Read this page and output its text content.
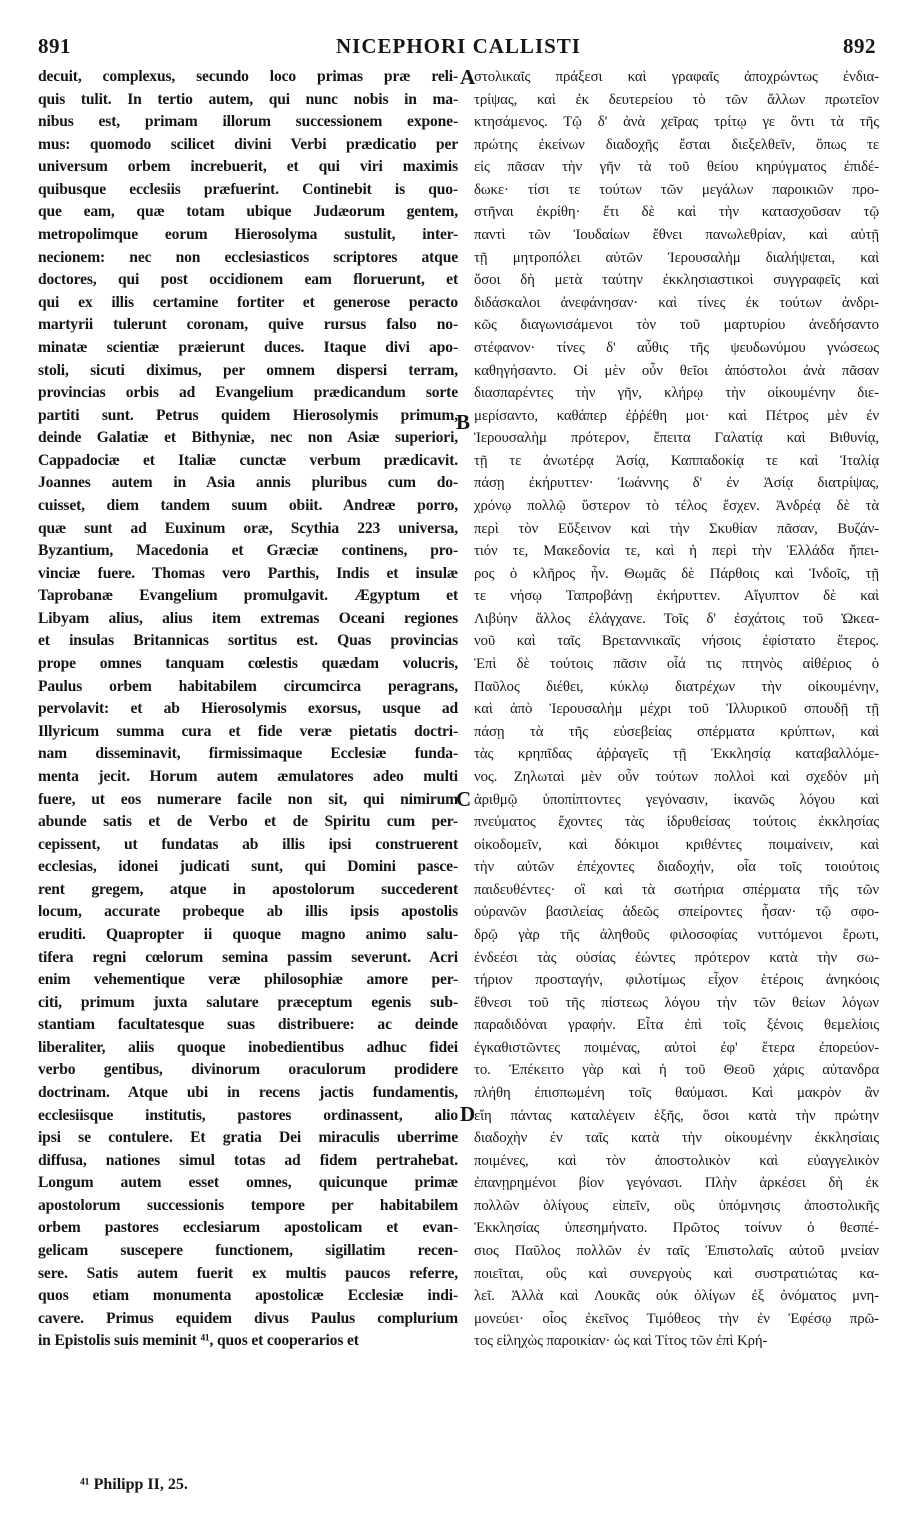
891	NICEPHORI CALLISTI	892
decuit, complexus, secundo loco primas præ reli-
quis tulit. In tertio autem, qui nunc nobis in ma-
nibus est, primam illorum successionem expone-
mus: quomodo scilicet divini Verbi prædicatio per
universum orbem increbuerit, et qui viri maximis
quibusque ecclesiis præfuerint. Continebit is quo-
que eam, quæ totam ubique Judæorum gentem,
metropolimque eorum Hierosolyma sustulit, inter-
necionem: nec non ecclesiasticos scriptores atque
doctores, qui post occidionem eam floruerunt, et
qui ex illis certamine fortiter et generose peracto
martyrii tulerunt coronam, quive rursus falso no-
minatæ scientiæ præierunt duces. Itaque divi apo-
stoli, sicuti diximus, per omnem dispersi terram,
provincias orbis ad Evangelium prædicandum sorte
partiti sunt. Petrus quidem Hierosolymis primum,
deinde Galatiæ et Bithyniæ, nec non Asiæ superiori,
Cappadociæ et Italiæ cunctæ verbum prædicavit.
Joannes autem in Asia annis pluribus cum do-
cuisset, diem tandem suum obiit. Andreæ porro,
quæ sunt ad Euxinum oræ, Scythia 223 universa,
Byzantium, Macedonia et Græciæ continens, pro-
vinciæ fuere. Thomas vero Parthis, Indis et insulæ
Taprobanæ Evangelium promulgavit. Ægyptum et
Libyam alius, alius item extremas Oceani regiones
et insulas Britannicas sortitus est. Quas provincias
prope omnes tanquam cœlestis quædam volucris,
Paulus orbem habitabilem circumcirca peragrans,
pervolavit: et ab Hierosolymis exorsus, usque ad
Illyricum summa cura et fide veræ pietatis doctri-
nam disseminavit, firmissimaque Ecclesiæ funda-
menta jecit. Horum autem æmulatores adeo multi
fuere, ut eos numerare facile non sit, qui nimirum
abunde satis et de Verbo et de Spiritu cum per-
cepissent, ut fundatas ab illis ipsi construerent
ecclesias, idonei judicati sunt, qui Domini pasce-
rent gregem, atque in apostolorum succederent
locum, accurate probeque ab illis ipsis apostolis
eruditi. Quapropter ii quoque magno animo salu-
tifera regni cœlorum semina passim severunt. Acri
enim vehementique veræ philosophiæ amore per-
citi, primum juxta salutare præceptum egenis sub-
stantiam facultatesque suas distribuere: ac deinde
liberaliter, aliis quoque inobedientibus adhuc fidei
verbo gentibus, divinorum oraculorum prodidere
doctrinam. Atque ubi in recens jactis fundamentis,
ecclesiisque institutis, pastores ordinassent, alio
ipsi se contulere. Et gratia Dei miraculis uberrime
diffusa, nationes simul totas ad fidem pertrahebat.
Longum autem esset omnes, quicunque primæ
apostolorum successionis tempore per habitabilem
orbem pastores ecclesiarum apostolicam et evan-
gelicam suscepere functionem, sigillatim recen-
sere. Satis autem fuerit ex multis paucos referre,
quos etiam monumenta apostolicæ Ecclesiæ indi-
cavere. Primus equidem divus Paulus complurium
in Epistolis suis meminit ⁴¹, quos et cooperarios et
στολικαῖς πράξεσι καὶ γραφαῖς ἀποχρώντως ἐνδια-
τρίψας, καὶ ἐκ δευτερείου τὸ τῶν ἄλλων πρωτεῖον
κτησάμενος. Τῷ δ' ἀνὰ χεῖρας τρίτῳ γε ὄντι τὰ τῆς
πρώτης ἐκείνων διαδοχῆς ἔσται διεξελθεῖν, ὅπως τε
εἰς πᾶσαν τὴν γῆν τὰ τοῦ θείου κηρύγματος ἐπιδέ-
δωκε· τίσι τε τούτων τῶν μεγάλων παροικιῶν προ-
στῆναι ἐκρίθη· ἔτι δὲ καὶ τὴν κατασχοῦσαν τῷ
παντὶ τῶν Ἰουδαίων ἔθνει πανωλεθρίαν, καὶ αὐτῇ
τῇ μητροπόλει αὐτῶν Ἱερουσαλὴμ διαλήψεται, καὶ
ὅσοι δὴ μετὰ ταύτην ἐκκλησιαστικοὶ συγγραφεῖς καὶ
διδάσκαλοι ἀνεφάνησαν· καὶ τίνες ἐκ τούτων ἀνδρι-
κῶς διαγωνισάμενοι τὸν τοῦ μαρτυρίου ἀνεδήσαντο
στέφανον· τίνες δ' αὖθις τῆς ψευδωνύμου γνώσεως
καθηγήσαντο. Οἱ μὲν οὖν θεῖοι ἀπόστολοι ἀνὰ πᾶσαν
διασπαρέντες τὴν γῆν, κλήρῳ τὴν οἰκουμένην διε-
μερίσαντο, καθάπερ ἐῤῥέθη μοι· καὶ Πέτρος μὲν ἐν
Ἱερουσαλὴμ πρότερον, ἔπειτα Γαλατίᾳ καὶ Βιθυνίᾳ,
τῇ τε ἀνωτέρᾳ Ἀσίᾳ, Καππαδοκίᾳ τε καὶ Ἰταλίᾳ
πάσῃ ἐκήρυττεν· Ἰωάννης δ' ἐν Ἀσίᾳ διατρίψας,
χρόνῳ πολλῷ ὕστερον τὸ τέλος ἔσχεν. Ἀνδρέᾳ δὲ τὰ
περὶ τὸν Εὔξεινον καὶ τὴν Σκυθίαν πᾶσαν, Βυζάν-
τιόν τε, Μακεδονία τε, καὶ ἡ περὶ τὴν Ἑλλάδα ἤπει-
ρος ὁ κλῆρος ἦν. Θωμᾶς δὲ Πάρθοις καὶ Ἰνδοῖς, τῇ
τε νήσῳ Ταπροβάνῃ ἐκήρυττεν. Αἴγυπτον δὲ καὶ
Λιβύην ἄλλος ἐλάγχανε. Τοῖς δ' ἐσχάτοις τοῦ Ὠκεα-
νοῦ καὶ ταῖς Βρεταννικαῖς νήσοις ἐφίστατο ἕτερος.
Ἐπὶ δὲ τούτοις πᾶσιν οἷά τις πτηνὸς αἰθέριος ὁ
Παῦλος διέθει, κύκλῳ διατρέχων τὴν οἰκουμένην,
καὶ ἀπὸ Ἱερουσαλὴμ μέχρι τοῦ Ἰλλυρικοῦ σπουδῇ τῇ
πάσῃ τὰ τῆς εὐσεβείας σπέρματα κρύπτων, καὶ
τὰς κρηπῖδας ἀῤῥαγεῖς τῇ Ἐκκλησίᾳ καταβαλλόμε-
νος. Ζηλωταὶ μὲν οὖν τούτων πολλοὶ καὶ σχεδὸν μὴ
ἀριθμῷ ὑποπίπτοντες γεγόνασιν, ἱκανῶς λόγου καὶ
πνεύματος ἔχοντες τὰς ἱδρυθείσας τούτοις ἐκκλησίας
οἰκοδομεῖν, καὶ δόκιμοι κριθέντες ποιμαίνειν, καὶ
τὴν αὐτῶν ἐπέχοντες διαδοχήν, οἷα τοῖς τοιούτοις
παιδευθέντες· οἳ καὶ τὰ σωτήρια σπέρματα τῆς τῶν
οὐρανῶν βασιλείας ἀδεῶς σπείροντες ἦσαν· τῷ σφο-
δρῷ γὰρ τῆς ἀληθοῦς φιλοσοφίας νυττόμενοι ἔρωτι,
ἐνδεέσι τὰς οὐσίας ἐώντες πρότερον κατὰ τὴν σω-
τήριον προσταγήν, φιλοτίμως εἶχον ἑτέροις ἀνηκόοις
ἔθνεσι τοῦ τῆς πίστεως λόγου τὴν τῶν θείων λόγων
παραδιδόναι γραφήν. Εἶτα ἐπὶ τοῖς ξένοις θεμελίοις
ἐγκαθιστῶντες ποιμένας, αὐτοὶ ἐφ' ἕτερα ἐπορεύον-
το. Ἐπέκειτο γὰρ καὶ ἡ τοῦ Θεοῦ χάρις αὐτανδρα
πλήθη ἐπισπωμένη τοῖς θαύμασι. Καὶ μακρὸν ἂν
εἴη πάντας καταλέγειν ἑξῆς, ὅσοι κατὰ τὴν πρώτην
διαδοχὴν ἐν ταῖς κατὰ τὴν οἰκουμένην ἐκκλησίαις
ποιμένες, καὶ τὸν ἀποστολικὸν καὶ εὐαγγελικὸν
ἐπανῃρημένοι βίον γεγόνασι. Πλὴν ἀρκέσει δὴ ἐκ
πολλῶν ὀλίγους εἰπεῖν, οὓς ὑπόμνησις ἀποστολικῆς
Ἐκκλησίας ὑπεσημήνατο. Πρῶτος τοίνυν ὁ θεσπέ-
σιος Παῦλος πολλῶν ἐν ταῖς Ἐπιστολαῖς αὐτοῦ μνείαν
ποιεῖται, οὓς καὶ συνεργοὺς καὶ συστρατιώτας κα-
λεῖ. Ἀλλὰ καὶ Λουκᾶς οὐκ ὀλίγων ἐξ ὀνόματος μνη-
μονεύει· οἷος ἐκεῖνος Τιμόθεος τὴν ἐν Ἐφέσῳ πρῶ-
τος εἰληχὼς παροικίαν· ὡς καὶ Τίτος τῶν ἐπὶ Κρή-
A
B
C
D
⁴¹ Philipp II, 25.
